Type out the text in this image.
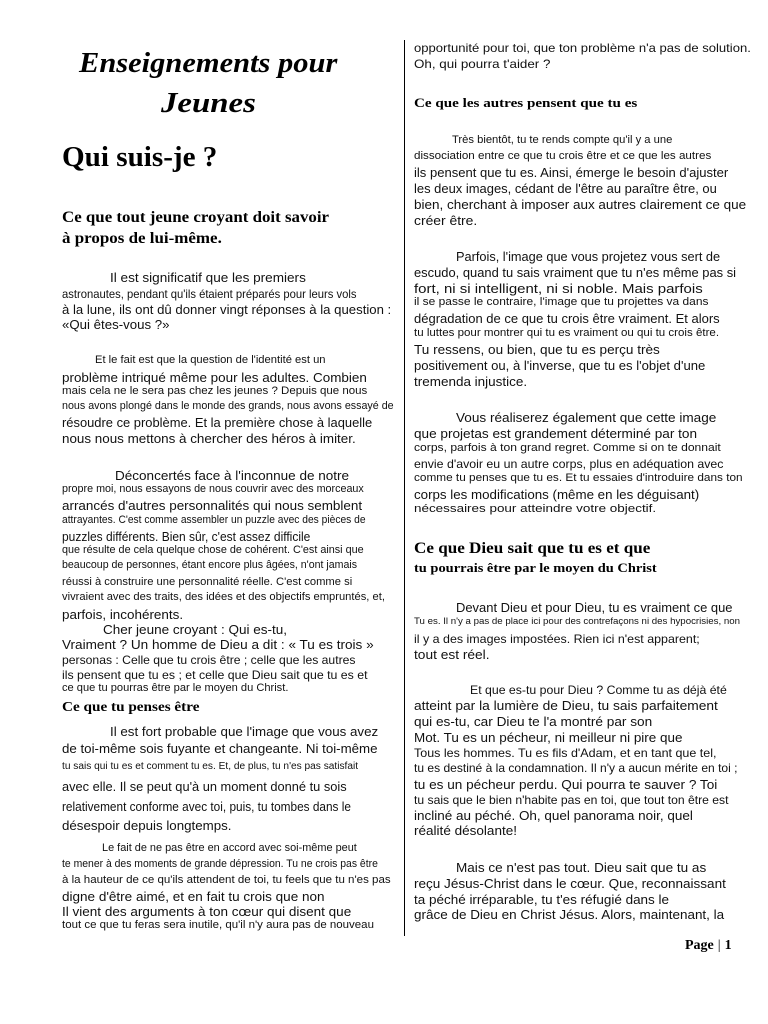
Enseignements pour
Jeunes
Qui suis-je ?
Ce que tout jeune croyant doit savoir
à propos de lui-même.
Il est significatif que les premiers
astronautes, pendant qu'ils étaient préparés pour leurs vols
à la lune, ils ont dû donner vingt réponses à la question :
«Qui êtes-vous ?»
Et le fait est que la question de l'identité est un
problème intriqué même pour les adultes. Combien
mais cela ne le sera pas chez les jeunes ? Depuis que nous
nous avons plongé dans le monde des grands, nous avons essayé de
résoudre ce problème. Et la première chose à laquelle
nous nous mettons à chercher des héros à imiter.
Déconcertés face à l'inconnue de notre
propre moi, nous essayons de nous couvrir avec des morceaux
arrancés d'autres personnalités qui nous semblent
attrayantes. C'est comme assembler un puzzle avec des pièces de
puzzles différents. Bien sûr, c'est assez difficile
que résulte de cela quelque chose de cohérent. C'est ainsi que
beaucoup de personnes, étant encore plus âgées, n'ont jamais
réussi à construire une personnalité réelle. C'est comme si
vivraient avec des traits, des idées et des objectifs empruntés, et,
parfois, incohérents.
Cher jeune croyant : Qui es-tu,
Vraiment ? Un homme de Dieu a dit : « Tu es trois »
personas : Celle que tu crois être ; celle que les autres
ils pensent que tu es ; et celle que Dieu sait que tu es et
ce que tu pourras être par le moyen du Christ.
Ce que tu penses être
Il est fort probable que l'image que vous avez
de toi-même sois fuyante et changeante. Ni toi-même
tu sais qui tu es et comment tu es. Et, de plus, tu n'es pas satisfait
avec elle. Il se peut qu'à un moment donné tu sois
relativement conforme avec toi, puis, tu tombes dans le
désespoir depuis longtemps.
Le fait de ne pas être en accord avec soi-même peut
te mener à des moments de grande dépression. Tu ne crois pas être
à la hauteur de ce qu'ils attendent de toi, tu feels que tu n'es pas
digne d'être aimé, et en fait tu crois que non
Il vient des arguments à ton cœur qui disent que
tout ce que tu feras sera inutile, qu'il n'y aura pas de nouveau
opportunité pour toi, que ton problème n'a pas de solution.
Oh, qui pourra t'aider ?
Ce que les autres pensent que tu es
Très bientôt, tu te rends compte qu'il y a une
dissociation entre ce que tu crois être et ce que les autres
ils pensent que tu es. Ainsi, émerge le besoin d'ajuster
les deux images, cédant de l'être au paraître être, ou
bien, cherchant à imposer aux autres clairement ce que
créer être.
Parfois, l'image que vous projetez vous sert de
escudo, quand tu sais vraiment que tu n'es même pas si
fort, ni si intelligent, ni si noble. Mais parfois
il se passe le contraire, l'image que tu projettes va dans
dégradation de ce que tu crois être vraiment. Et alors
tu luttes pour montrer qui tu es vraiment ou qui tu crois être.
Tu ressens, ou bien, que tu es perçu très
positivement ou, à l'inverse, que tu es l'objet d'une
tremenda injustice.
Vous réaliserez également que cette image
que projetas est grandement déterminé par ton
corps, parfois à ton grand regret. Comme si on te donnait
envie d'avoir eu un autre corps, plus en adéquation avec
comme tu penses que tu es. Et tu essaies d'introduire dans ton
corps les modifications (même en les déguisant)
nécessaires pour atteindre votre objectif.
Ce que Dieu sait que tu es et que
tu pourrais être par le moyen du Christ
Devant Dieu et pour Dieu, tu es vraiment ce que
Tu es. Il n'y a pas de place ici pour des contrefaçons ni des hypocrisies, non
il y a des images impostées. Rien ici n'est apparent;
tout est réel.
Et que es-tu pour Dieu ? Comme tu as déjà été
atteint par la lumière de Dieu, tu sais parfaitement
qui es-tu, car Dieu te l'a montré par son
Mot. Tu es un pécheur, ni meilleur ni pire que
Tous les hommes. Tu es fils d'Adam, et en tant que tel,
tu es destiné à la condamnation. Il n'y a aucun mérite en toi ;
tu es un pécheur perdu. Qui pourra te sauver ? Toi
tu sais que le bien n'habite pas en toi, que tout ton être est
incliné au péché. Oh, quel panorama noir, quel
réalité désolante!
Mais ce n'est pas tout. Dieu sait que tu as
reçu Jésus-Christ dans le cœur. Que, reconnaissant
ta péché irréparable, tu t'es réfugié dans le
grâce de Dieu en Christ Jésus. Alors, maintenant, la
Page | 1
